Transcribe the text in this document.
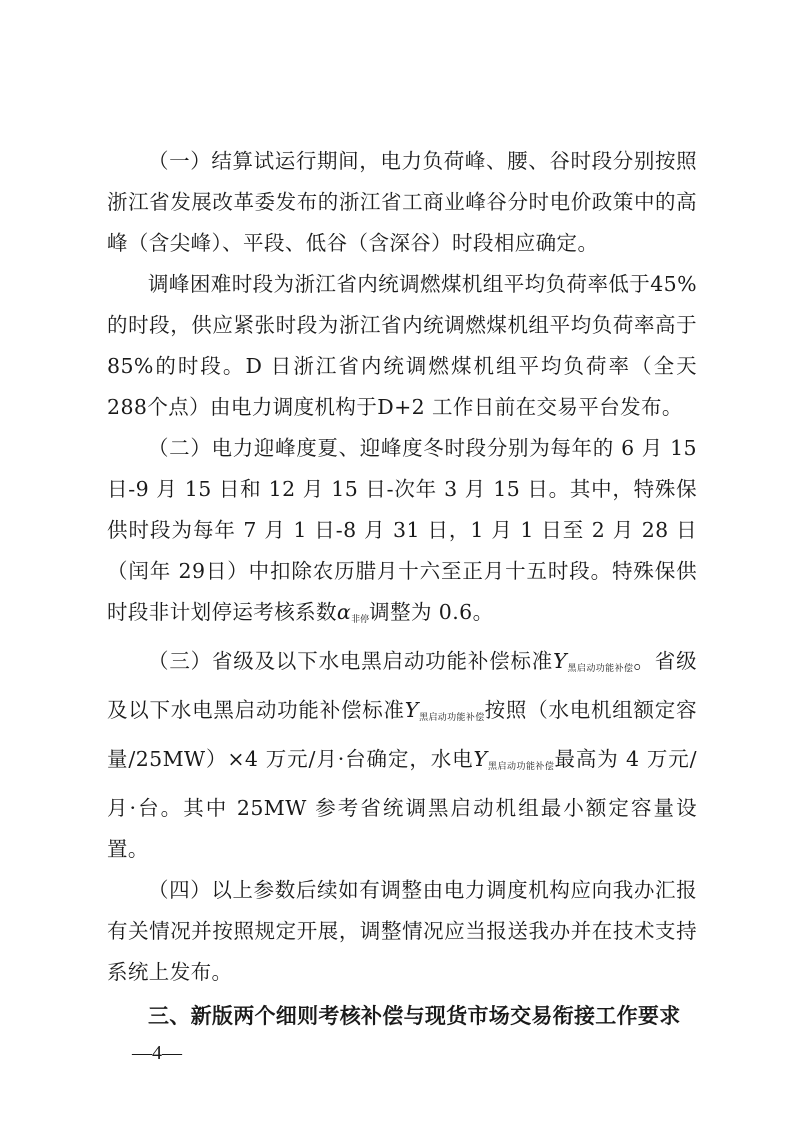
（一）结算试运行期间，电力负荷峰、腰、谷时段分别按照浙江省发展改革委发布的浙江省工商业峰谷分时电价政策中的高峰（含尖峰）、平段、低谷（含深谷）时段相应确定。

调峰困难时段为浙江省内统调燃煤机组平均负荷率低于45%的时段，供应紧张时段为浙江省内统调燃煤机组平均负荷率高于85%的时段。D 日浙江省内统调燃煤机组平均负荷率（全天 288个点）由电力调度机构于D+2 工作日前在交易平台发布。

（二）电力迎峰度夏、迎峰度冬时段分别为每年的 6 月 15日-9 月 15 日和 12 月 15 日-次年 3 月 15 日。其中，特殊保供时段为每年 7 月 1 日-8 月 31 日，1 月 1 日至 2 月 28 日（闰年 29日）中扣除农历腊月十六至正月十五时段。特殊保供时段非计划停运考核系数$\alpha_{非停}$调整为 0.6。

（三）省级及以下水电黑启动功能补偿标准$Y_{黑启动功能补偿}$。省级及以下水电黑启动功能补偿标准$Y_{黑启动功能补偿}$按照（水电机组额定容量/25MW）×4 万元/月·台确定，水电$Y_{黑启动功能补偿}$最高为 4 万元/月·台。其中 25MW 参考省统调黑启动机组最小额定容量设置。

（四）以上参数后续如有调整由电力调度机构应向我办汇报有关情况并按照规定开展，调整情况应当报送我办并在技术支持系统上发布。

三、新版两个细则考核补偿与现货市场交易衔接工作要求

—4—
